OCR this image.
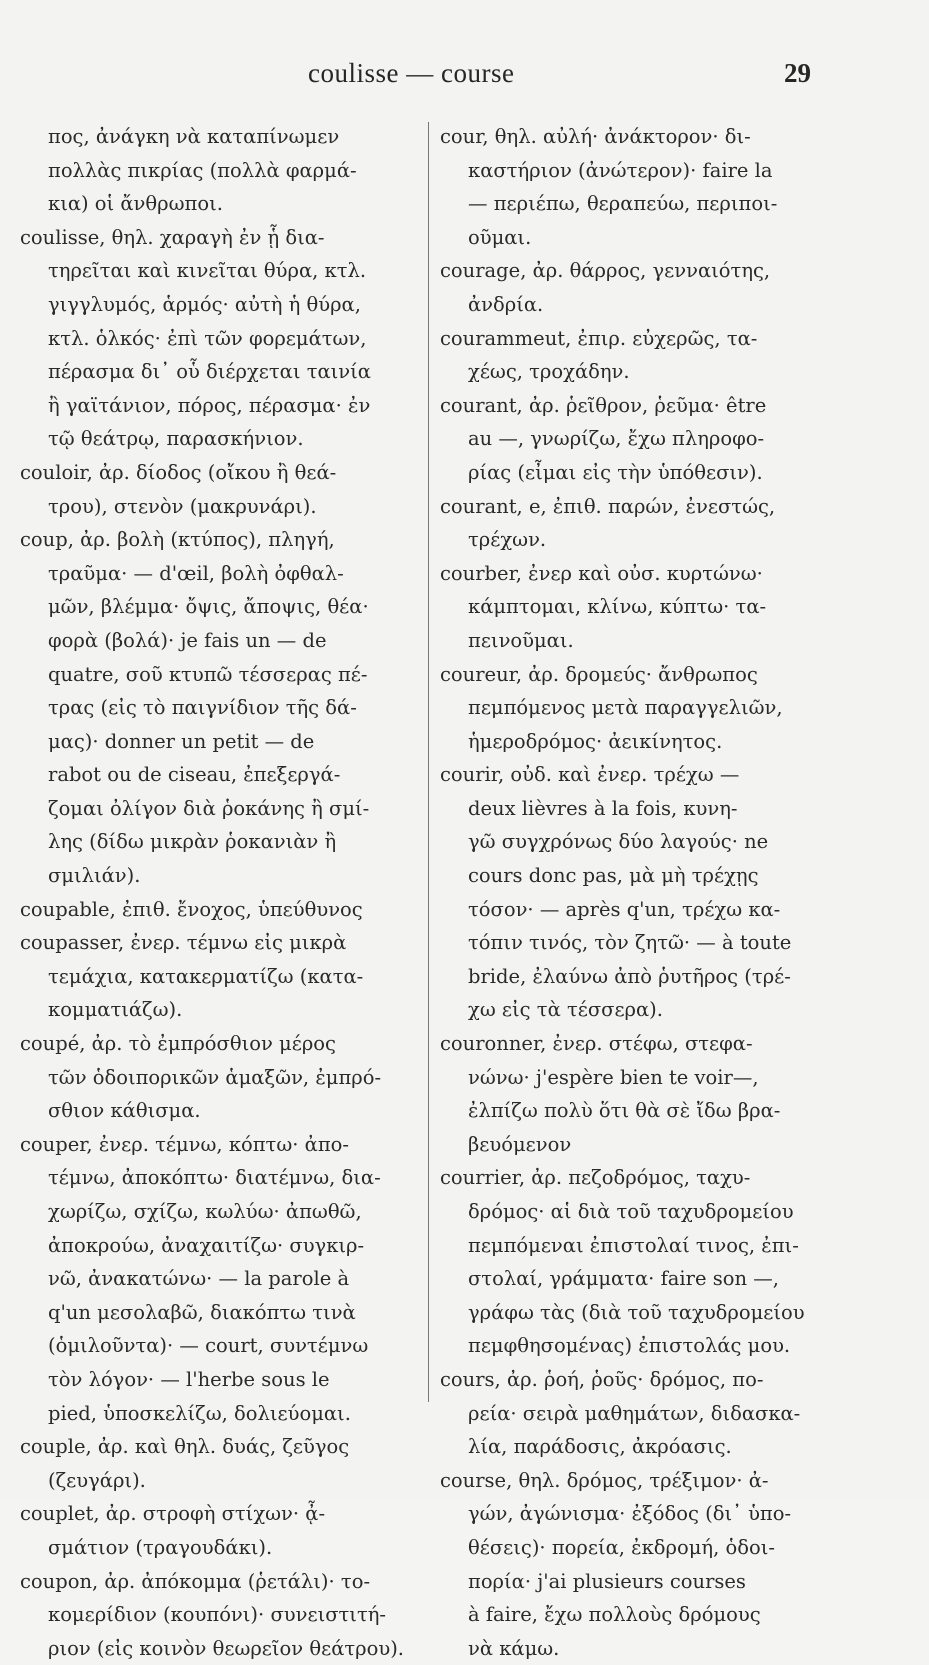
coulisse — course	29
πος, ἀνάγκη νὰ καταπίνωμεν
πολλὰς πικρίας (πολλὰ φαρμά-
κια) οἱ ἄνθρωποι.
coulisse, θηλ. χαραγὴ ἐν ᾗ δια-
τηρεῖται καὶ κινεῖται θύρα, κτλ.
γιγγλυμός, ἁρμός· αὐτὴ ἡ θύρα,
κτλ. ὁλκός· ἐπὶ τῶν φορεμάτων,
πέρασμα δι᾽ οὗ διέρχεται ταινία
ἢ γαϊτάνιον, πόρος, πέρασμα· ἐν
τῷ θεάτρῳ, παρασκήνιον.
couloir, ἀρ. δίοδος (οἴκου ἢ θεά-
τρου), στενὸν (μακρυνάρι).
coup, ἀρ. βολὴ (κτύπος), πληγή,
τραῦμα· — d'œil, βολὴ ὀφθαλ-
μῶν, βλέμμα· ὄψις, ἄποψις, θέα·
φορὰ (βολά)· je fais un — de
quatre, σοῦ κτυπῶ τέσσερας πέ-
τρας (εἰς τὸ παιγνίδιον τῆς δά-
μας)· donner un petit — de
rabot ou de ciseau, ἐπεξεργά-
ζομαι ὀλίγον διὰ ῥοκάνης ἢ σμί-
λης (δίδω μικρὰν ῥοκανιὰν ἢ
σμιλιάν).
coupable, ἐπιθ. ἔνοχος, ὑπεύθυνος
coupasser, ἐνερ. τέμνω εἰς μικρὰ
τεμάχια, κατακερματίζω (κατα-
κομματιάζω).
coupé, ἀρ. τὸ ἐμπρόσθιον μέρος
τῶν ὁδοιπορικῶν ἁμαξῶν, ἐμπρό-
σθιον κάθισμα.
couper, ἐνερ. τέμνω, κόπτω· ἀπο-
τέμνω, ἀποκόπτω· διατέμνω, δια-
χωρίζω, σχίζω, κωλύω· ἀπωθῶ,
ἀποκρούω, ἀναχαιτίζω· συγκιρ-
νῶ, ἀνακατώνω· — la parole à
q'un μεσολαβῶ, διακόπτω τινὰ
(ὁμιλοῦντα)· — court, συντέμνω
τὸν λόγον· — l'herbe sous le
pied, ὑποσκελίζω, δολιεύομαι.
couple, ἀρ. καὶ θηλ. δυάς, ζεῦγος
(ζευγάρι).
couplet, ἀρ. στροφὴ στίχων· ᾆ-
σμάτιον (τραγουδάκι).
coupon, ἀρ. ἀπόκομμα (ῥετάλι)· το-
κομερίδιον (κουπόνι)· συνειστιτή-
ριον (εἰς κοινὸν θεωρεῖον θεάτρου).
cour, θηλ. αὐλή· ἀνάκτορον· δι-
καστήριον (ἀνώτερον)· faire la
— περιέπω, θεραπεύω, περιποι-
οῦμαι.
courage, ἀρ. θάρρος, γενναιότης,
ἀνδρία.
courammeut, ἐπιρ. εὐχερῶς, τα-
χέως, τροχάδην.
courant, ἀρ. ῥεῖθρον, ῥεῦμα· être
au —, γνωρίζω, ἔχω πληροφο-
ρίας (εἶμαι εἰς τὴν ὑπόθεσιν).
courant, e, ἐπιθ. παρών, ἐνεστώς,
τρέχων.
courber, ἐνερ καὶ οὐσ. κυρτώνω·
κάμπτομαι, κλίνω, κύπτω· τα-
πεινοῦμαι.
coureur, ἀρ. δρομεύς· ἄνθρωπος
πεμπόμενος μετὰ παραγγελιῶν,
ἡμεροδρόμος· ἀεικίνητος.
courir, οὐδ. καὶ ἐνερ. τρέχω —
deux lièvres à la fois, κυνη-
γῶ συγχρόνως δύο λαγούς· ne
cours donc pas, μὰ μὴ τρέχῃς
τόσον· — après q'un, τρέχω κα-
τόπιν τινός, τὸν ζητῶ· — à toute
bride, ἐλαύνω ἀπὸ ῥυτῆρος (τρέ-
χω εἰς τὰ τέσσερα).
couronner, ἐνερ. στέφω, στεφα-
νώνω· j'espère bien te voir—,
ἐλπίζω πολὺ ὅτι θὰ σὲ ἴδω βρα-
βευόμενον
courrier, ἀρ. πεζοδρόμος, ταχυ-
δρόμος· αἱ διὰ τοῦ ταχυδρομείου
πεμπόμεναι ἐπιστολαί τινος, ἐπι-
στολαί, γράμματα· faire son —,
γράφω τὰς (διὰ τοῦ ταχυδρομείου
πεμφθησομένας) ἐπιστολάς μου.
cours, ἀρ. ῥοή, ῥοῦς· δρόμος, πο-
ρεία· σειρὰ μαθημάτων, διδασκα-
λία, παράδοσις, ἀκρόασις.
course, θηλ. δρόμος, τρέξιμον· ἀ-
γών, ἀγώνισμα· ἐξόδος (δι᾽ ὑπο-
θέσεις)· πορεία, ἐκδρομή, ὁδοι-
πορία· j'ai plusieurs courses
à faire, ἔχω πολλοὺς δρόμους
νὰ κάμω.
